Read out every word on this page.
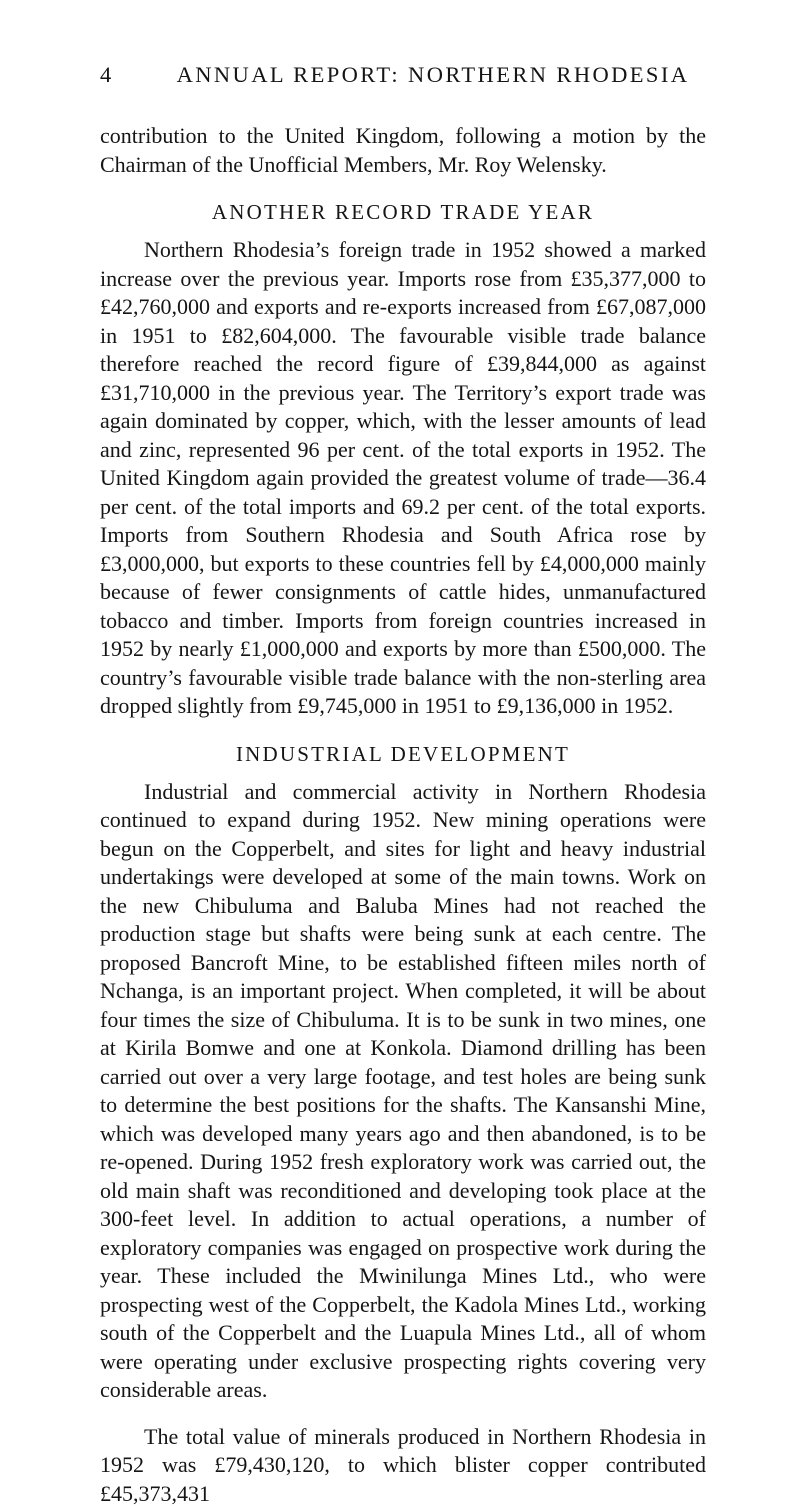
4	ANNUAL REPORT: NORTHERN RHODESIA

contribution to the United Kingdom, following a motion by the Chairman of the Unofficial Members, Mr. Roy Welensky.

ANOTHER RECORD TRADE YEAR

Northern Rhodesia’s foreign trade in 1952 showed a marked increase over the previous year. Imports rose from £35,377,000 to £42,760,000 and exports and re-exports increased from £67,087,000 in 1951 to £82,604,000. The favourable visible trade balance therefore reached the record figure of £39,844,000 as against £31,710,000 in the previous year. The Territory’s export trade was again dominated by copper, which, with the lesser amounts of lead and zinc, represented 96 per cent. of the total exports in 1952. The United Kingdom again provided the greatest volume of trade—36.4 per cent. of the total imports and 69.2 per cent. of the total exports. Imports from Southern Rhodesia and South Africa rose by £3,000,000, but exports to these countries fell by £4,000,000 mainly because of fewer consignments of cattle hides, unmanufactured tobacco and timber. Imports from foreign countries increased in 1952 by nearly £1,000,000 and exports by more than £500,000. The country’s favourable visible trade balance with the non-sterling area dropped slightly from £9,745,000 in 1951 to £9,136,000 in 1952.

INDUSTRIAL DEVELOPMENT

Industrial and commercial activity in Northern Rhodesia continued to expand during 1952. New mining operations were begun on the Copperbelt, and sites for light and heavy industrial undertakings were developed at some of the main towns. Work on the new Chibuluma and Baluba Mines had not reached the production stage but shafts were being sunk at each centre. The proposed Bancroft Mine, to be established fifteen miles north of Nchanga, is an important project. When completed, it will be about four times the size of Chibuluma. It is to be sunk in two mines, one at Kirila Bomwe and one at Konkola. Diamond drilling has been carried out over a very large footage, and test holes are being sunk to determine the best positions for the shafts. The Kansanshi Mine, which was developed many years ago and then abandoned, is to be re-opened. During 1952 fresh exploratory work was carried out, the old main shaft was reconditioned and developing took place at the 300-feet level. In addition to actual operations, a number of exploratory companies was engaged on prospective work during the year. These included the Mwinilunga Mines Ltd., who were prospecting west of the Copperbelt, the Kadola Mines Ltd., working south of the Copperbelt and the Luapula Mines Ltd., all of whom were operating under exclusive prospecting rights covering very considerable areas.

The total value of minerals produced in Northern Rhodesia in 1952 was £79,430,120, to which blister copper contributed £45,373,431
